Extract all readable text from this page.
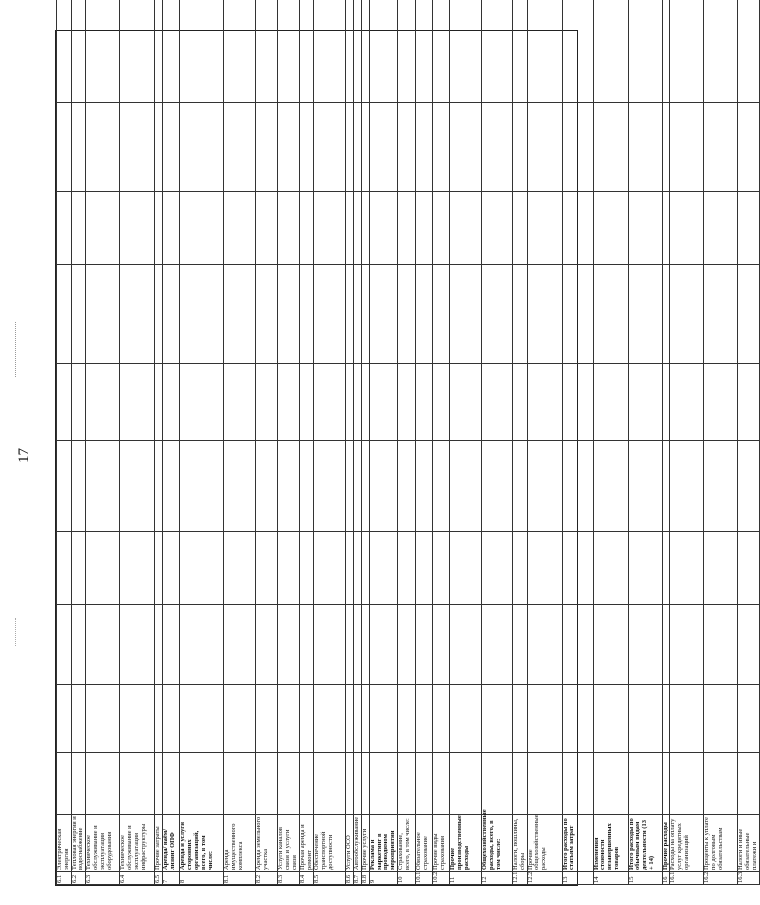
17
6.1	Электрическая энергия										
6.2	Тепловая энергия и водоснабжение										
6.3	Техническое обслуживание и эксплуатация оборудования										
6.4	Техническое обслуживание и эксплуатация инфраструктуры										
6.5	Прочие затраты										
7	Аренда/ наём/лизинг ОПФ										
8	Аренда и услуги сторонних организаций, всего, в том числе:										
8.1	Аренда имущественного комплекса										
8.2	Аренда земельного участка										
8.3	Услуги каналов связи и услуги связи										
8.4	Прочая аренда и ремонт										
8.5	Обеспечение транспортной доступности										
8.6	Услуги ОСО										
8.7	Автообслуживание										
8.8	Прочие услуги										
9	Реклама и маркетинг в проводимом мероприятии										
10	Страхование, всего, в том числе:										
10.1	Обязательное страхование										
10.2	Прочие виды страхования										
11	Прочие производственные расходы										
12	Общехозяйственные расходы, всего, в том числе:										
12.1	Налоги, пошлины, сборы										
12.2	Прочие общехозяйственные расходы										
13	Итого расходы по статьям затрат										
14	Изменения стоимости незавершенных товаров										
15	Итого расходы по обычным видам деятельности (13 + 14)										
16	Прочие расходы										
16.1	Расходы на оплату услуг кредитных организаций										
16.2	Проценты к уплате по долговым обязательствам										
16.3	Налоги и иные обязательные платежи и										
